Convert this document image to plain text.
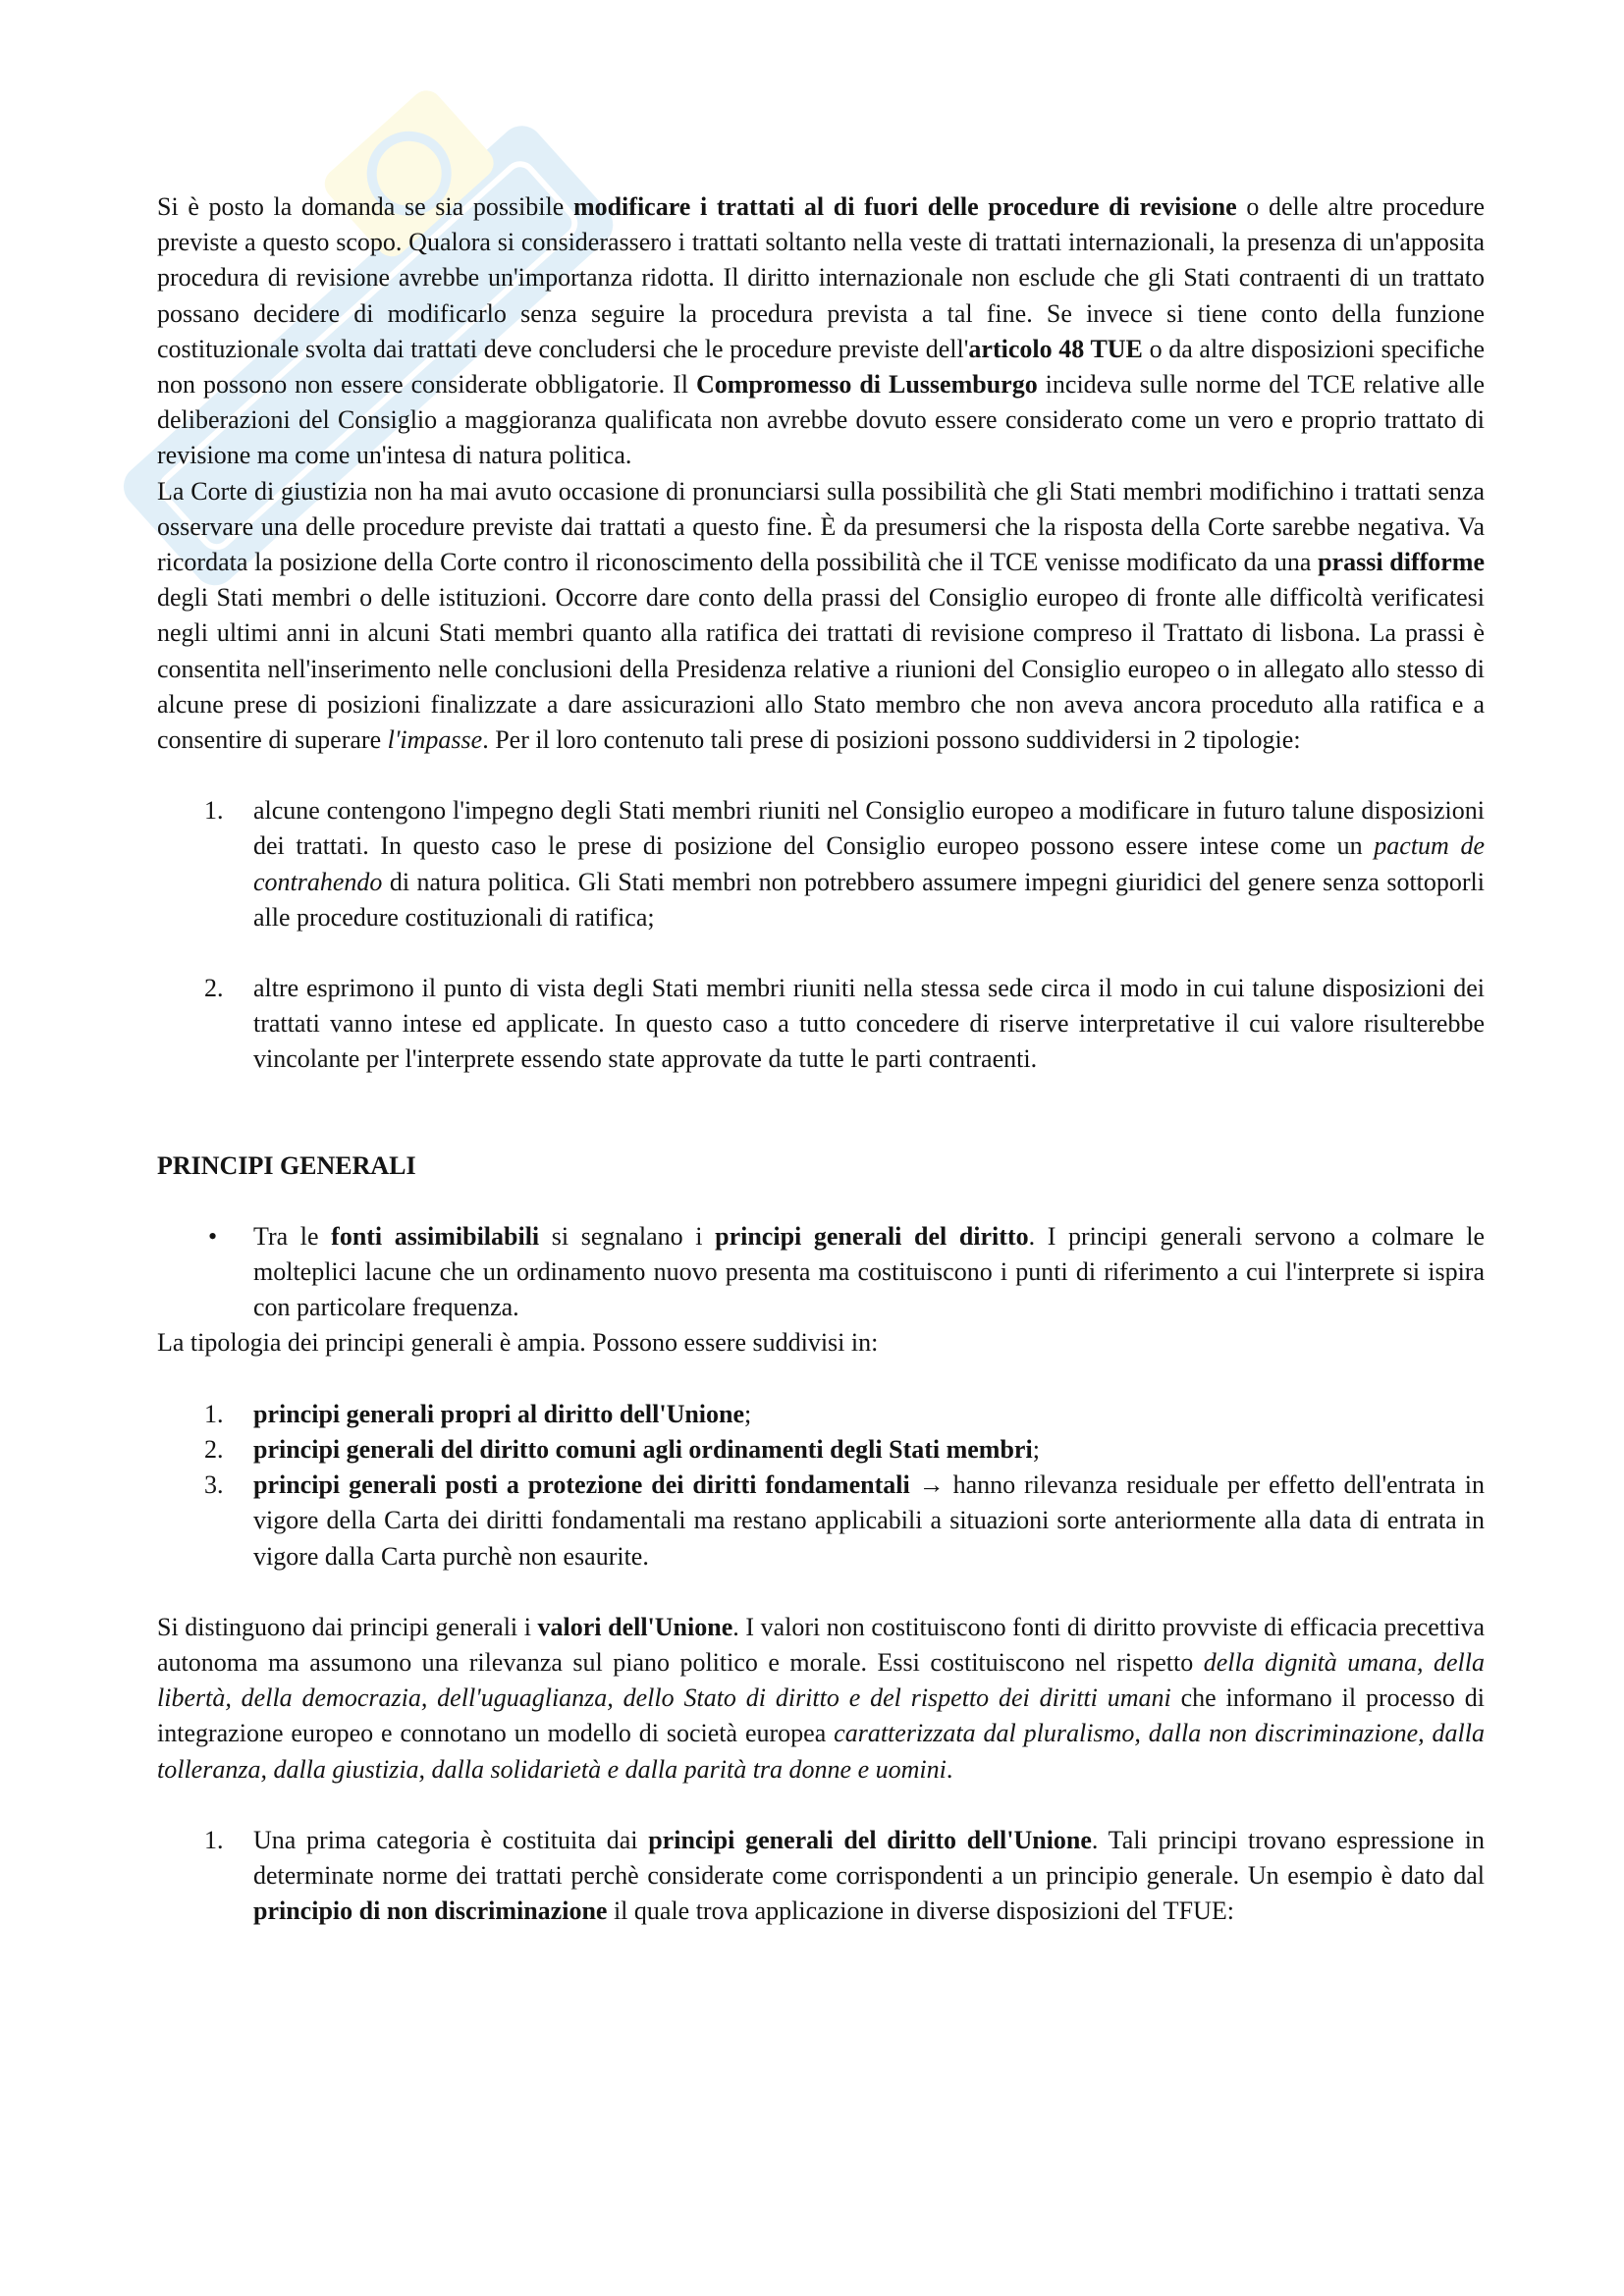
Si è posto la domanda se sia possibile modificare i trattati al di fuori delle procedure di revisione o delle altre procedure previste a questo scopo. Qualora si considerassero i trattati soltanto nella veste di trattati internazionali, la presenza di un'apposita procedura di revisione avrebbe un'importanza ridotta. Il diritto internazionale non esclude che gli Stati contraenti di un trattato possano decidere di modificarlo senza seguire la procedura prevista a tal fine. Se invece si tiene conto della funzione costituzionale svolta dai trattati deve concludersi che le procedure previste dell'articolo 48 TUE o da altre disposizioni specifiche non possono non essere considerate obbligatorie. Il Compromesso di Lussemburgo incideva sulle norme del TCE relative alle deliberazioni del Consiglio a maggioranza qualificata non avrebbe dovuto essere considerato come un vero e proprio trattato di revisione ma come un'intesa di natura politica.

La Corte di giustizia non ha mai avuto occasione di pronunciarsi sulla possibilità che gli Stati membri modifichino i trattati senza osservare una delle procedure previste dai trattati a questo fine. È da presumersi che la risposta della Corte sarebbe negativa. Va ricordata la posizione della Corte contro il riconoscimento della possibilità che il TCE venisse modificato da una prassi difforme degli Stati membri o delle istituzioni. Occorre dare conto della prassi del Consiglio europeo di fronte alle difficoltà verificatesi negli ultimi anni in alcuni Stati membri quanto alla ratifica dei trattati di revisione compreso il Trattato di lisbona. La prassi è consentita nell'inserimento nelle conclusioni della Presidenza relative a riunioni del Consiglio europeo o in allegato allo stesso di alcune prese di posizioni finalizzate a dare assicurazioni allo Stato membro che non aveva ancora proceduto alla ratifica e a consentire di superare l'impasse. Per il loro contenuto tali prese di posizioni possono suddividersi in 2 tipologie:

1. alcune contengono l'impegno degli Stati membri riuniti nel Consiglio europeo a modificare in futuro talune disposizioni dei trattati. In questo caso le prese di posizione del Consiglio europeo possono essere intese come un pactum de contrahendo di natura politica. Gli Stati membri non potrebbero assumere impegni giuridici del genere senza sottoporli alle procedure costituzionali di ratifica;

2. altre esprimono il punto di vista degli Stati membri riuniti nella stessa sede circa il modo in cui talune disposizioni dei trattati vanno intese ed applicate. In questo caso a tutto concedere di riserve interpretative il cui valore risulterebbe vincolante per l'interprete essendo state approvate da tutte le parti contraenti.

PRINCIPI GENERALI
• Tra le fonti assimibilabili si segnalano i principi generali del diritto. I principi generali servono a colmare le molteplici lacune che un ordinamento nuovo presenta ma costituiscono i punti di riferimento a cui l'interprete si ispira con particolare frequenza.

La tipologia dei principi generali è ampia. Possono essere suddivisi in:

1. principi generali propri al diritto dell'Unione;

2. principi generali del diritto comuni agli ordinamenti degli Stati membri;

3. principi generali posti a protezione dei diritti fondamentali → hanno rilevanza residuale per effetto dell'entrata in vigore della Carta dei diritti fondamentali ma restano applicabili a situazioni sorte anteriormente alla data di entrata in vigore dalla Carta purchè non esaurite.

Si distinguono dai principi generali i valori dell'Unione. I valori non costituiscono fonti di diritto provviste di efficacia precettiva autonoma ma assumono una rilevanza sul piano politico e morale. Essi costituiscono nel rispetto della dignità umana, della libertà, della democrazia, dell'uguaglianza, dello Stato di diritto e del rispetto dei diritti umani che informano il processo di integrazione europeo e connotano un modello di società europea caratterizzata dal pluralismo, dalla non discriminazione, dalla tolleranza, dalla giustizia, dalla solidarietà e dalla parità tra donne e uomini.

1. Una prima categoria è costituita dai principi generali del diritto dell'Unione. Tali principi trovano espressione in determinate norme dei trattati perchè considerate come corrispondenti a un principio generale. Un esempio è dato dal principio di non discriminazione il quale trova applicazione in diverse disposizioni del TFUE:
